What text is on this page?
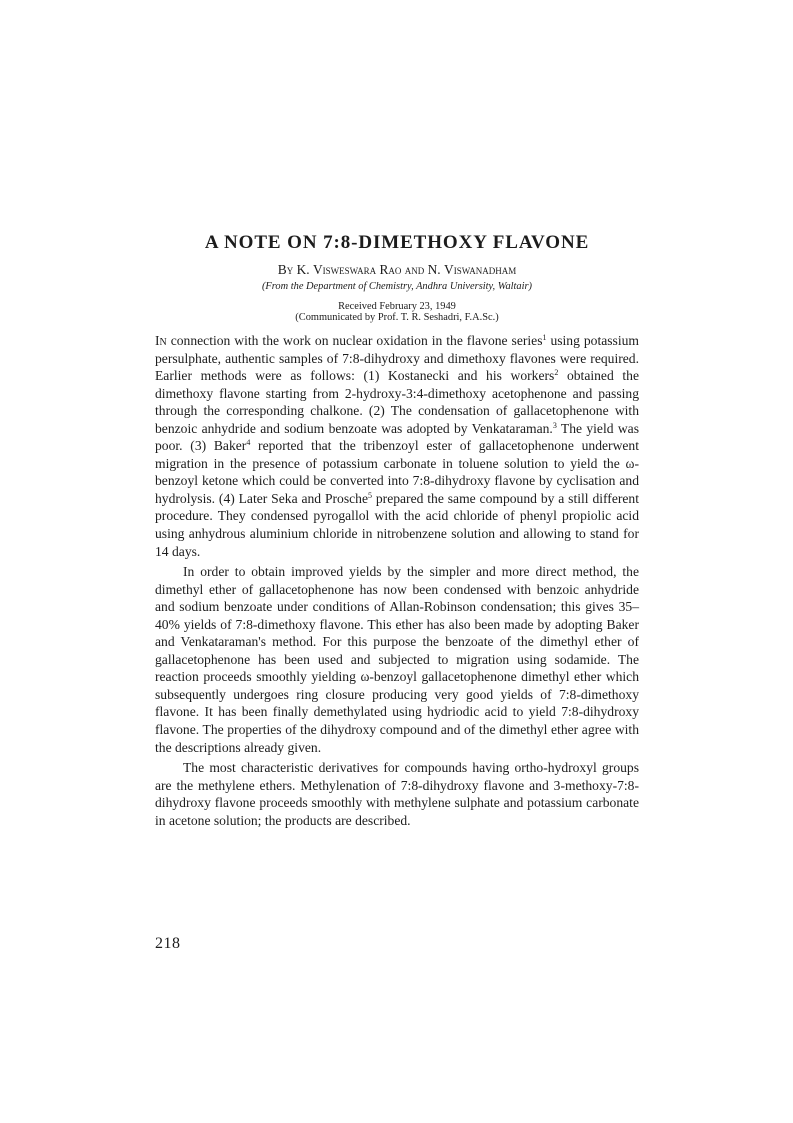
A NOTE ON 7:8-DIMETHOXY FLAVONE

By K. Visweswara Rao and N. Viswanadham

(From the Department of Chemistry, Andhra University, Waltair)

Received February 23, 1949

(Communicated by Prof. T. R. Seshadri, F.A.Sc.)

In connection with the work on nuclear oxidation in the flavone series$^1$ using potassium persulphate, authentic samples of 7:8-dihydroxy and dimethoxy flavones were required. Earlier methods were as follows: (1) Kostanecki and his workers$^2$ obtained the dimethoxy flavone starting from 2-hydroxy-3:4-dimethoxy acetophenone and passing through the corresponding chalkone. (2) The condensation of gallacetophenone with benzoic anhydride and sodium benzoate was adopted by Venkataraman.$^3$ The yield was poor. (3) Baker$^4$ reported that the tribenzoyl ester of gallacetophenone underwent migration in the presence of potassium carbonate in toluene solution to yield the ω-benzoyl ketone which could be converted into 7:8-dihydroxy flavone by cyclisation and hydrolysis. (4) Later Seka and Prosche$^5$ prepared the same compound by a still different procedure. They condensed pyrogallol with the acid chloride of phenyl propiolic acid using anhydrous aluminium chloride in nitrobenzene solution and allowing to stand for 14 days.

In order to obtain improved yields by the simpler and more direct method, the dimethyl ether of gallacetophenone has now been condensed with benzoic anhydride and sodium benzoate under conditions of Allan-Robinson condensation; this gives 35–40% yields of 7:8-dimethoxy flavone. This ether has also been made by adopting Baker and Venkataraman's method. For this purpose the benzoate of the dimethyl ether of gallacetophenone has been used and subjected to migration using sodamide. The reaction proceeds smoothly yielding ω-benzoyl gallacetophenone dimethyl ether which subsequently undergoes ring closure producing very good yields of 7:8-dimethoxy flavone. It has been finally demethylated using hydriodic acid to yield 7:8-dihydroxy flavone. The properties of the dihydroxy compound and of the dimethyl ether agree with the descriptions already given.

The most characteristic derivatives for compounds having ortho-hydroxyl groups are the methylene ethers. Methylenation of 7:8-dihydroxy flavone and 3-methoxy-7:8-dihydroxy flavone proceeds smoothly with methylene sulphate and potassium carbonate in acetone solution; the products are described.

218
